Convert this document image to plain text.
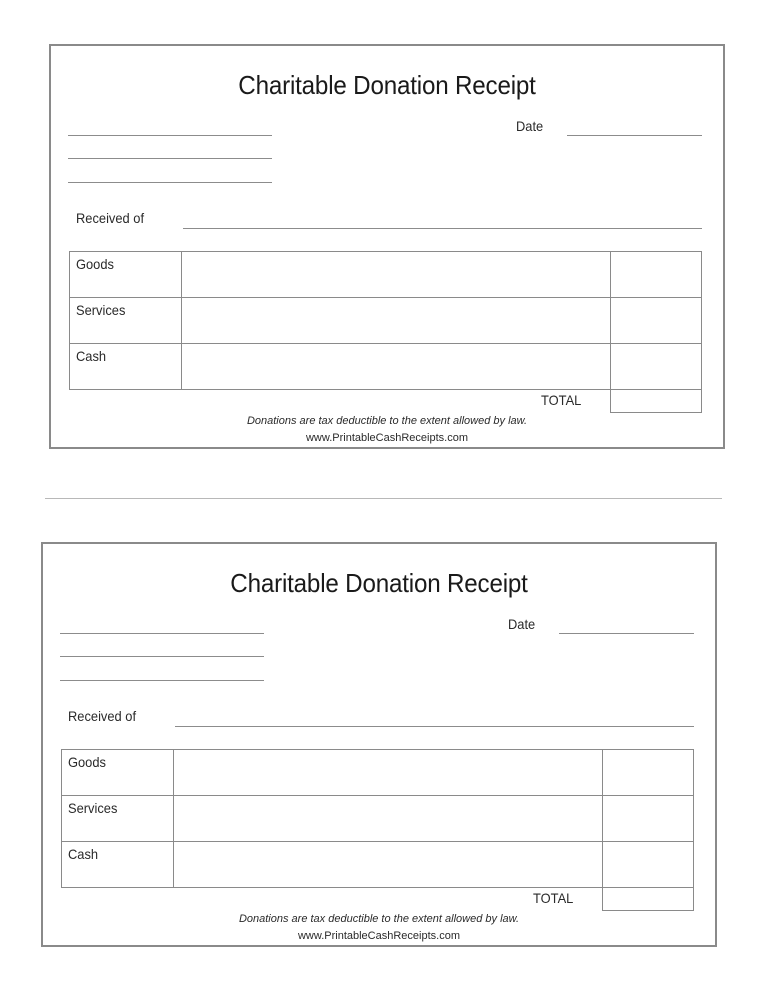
Charitable Donation Receipt
Date
Received of
Goods
Services
Cash
TOTAL
Donations are tax deductible to the extent allowed by law.
www.PrintableCashReceipts.com
Charitable Donation Receipt
Date
Received of
Goods
Services
Cash
TOTAL
Donations are tax deductible to the extent allowed by law.
www.PrintableCashReceipts.com
